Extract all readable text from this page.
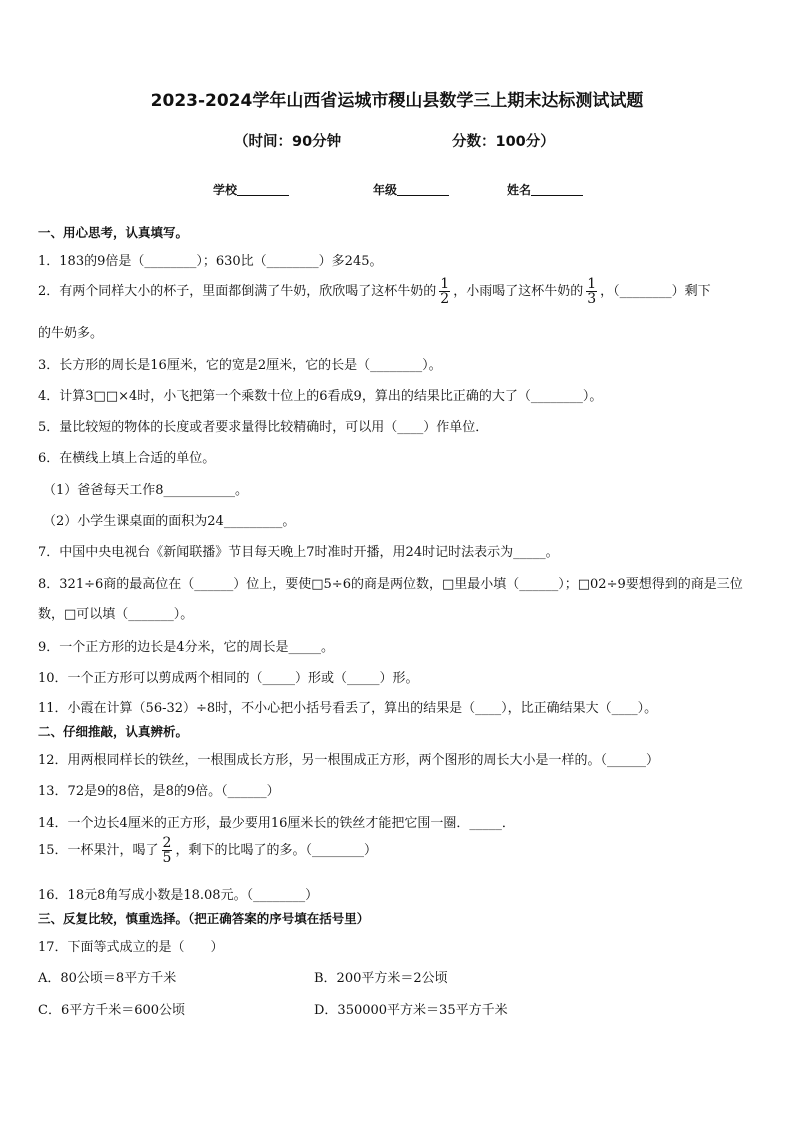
2023-2024学年山西省运城市稷山县数学三上期末达标测试试题
（时间：90分钟	分数：100分）
学校	年级	姓名
一、用心思考，认真填写。
1．183的9倍是（________）；630比（________）多245。
2．有两个同样大小的杯子，里面都倒满了牛奶，欣欣喝了这杯牛奶的 $\frac{1}{2}$ ，小雨喝了这杯牛奶的 $\frac{1}{3}$ ，（________）剩下
的牛奶多。
3．长方形的周长是16厘米，它的宽是2厘米，它的长是（________）。
4．计算3□□×4时，小飞把第一个乘数十位上的6看成9，算出的结果比正确的大了（________）。
5．量比较短的物体的长度或者要求量得比较精确时，可以用（____）作单位．
6．在横线上填上合适的单位。
（1）爸爸每天工作8___________。
（2）小学生课桌面的面积为24_________。
7．中国中央电视台《新闻联播》节目每天晚上7时准时开播，用24时记时法表示为_____。
8．321÷6商的最高位在（______）位上，要使□5÷6的商是两位数，□里最小填（______）；□02÷9要想得到的商是三位
数，□可以填（_______）。
9．一个正方形的边长是4分米，它的周长是_____。
10．一个正方形可以剪成两个相同的（_____）形或（_____）形。
11．小霞在计算（56-32）÷8时，不小心把小括号看丢了，算出的结果是（____），比正确结果大（____）。
二、仔细推敲，认真辨析。
12．用两根同样长的铁丝，一根围成长方形，另一根围成正方形，两个图形的周长大小是一样的。（______）
13．72是9的8倍，是8的9倍。（______）
14．一个边长4厘米的正方形，最少要用16厘米长的铁丝才能把它围一圈．_____．
15．一杯果汁，喝了 $\frac{2}{5}$ ，剩下的比喝了的多。（________）
16．18元8角写成小数是18.08元。（________）
三、反复比较，慎重选择。（把正确答案的序号填在括号里）
17．下面等式成立的是（　　）
A．80公顷＝8平方千米	B．200平方米＝2公顷
C．6平方千米＝600公顷	D．350000平方米＝35平方千米
